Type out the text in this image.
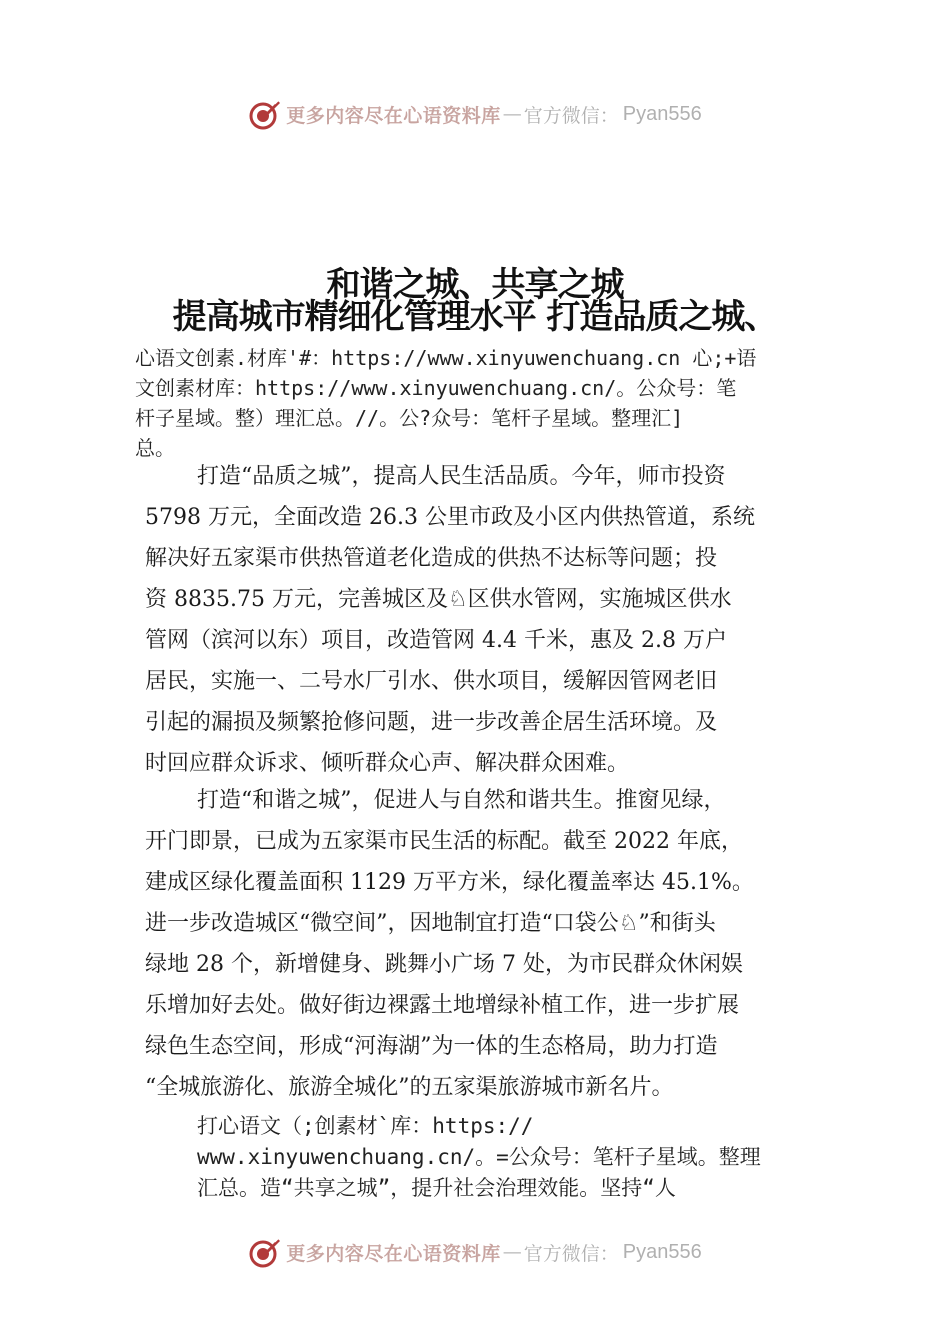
更多内容尽在心语资料库 — 官方微信： Pyan556
和谐之城、共享之城
提高城市精细化管理水平 打造品质之城、

心语文创素.材库'#：https://www.xinyuwenchuang.cn 心;+语

文创素材库：https://www.xinyuwenchuang.cn/。公众号：笔

杆子星域。整）理汇总。//。公?众号：笔杆子星域。整理汇]

总。

打造“品质之城”，提高人民生活品质。今年，师市投资
5798 万元，全面改造 26.3 公里市政及小区内供热管道，系统
解决好五家渠市供热管道老化造成的供热不达标等问题；投
资 8835.75 万元，完善城区及♘区供水管网，实施城区供水
管网（滨河以东）项目，改造管网 4.4 千米，惠及 2.8 万户
居民，实施一、二号水厂引水、供水项目，缓解因管网老旧
引起的漏损及频繁抢修问题，进一步改善企居生活环境。及
时回应群众诉求、倾听群众心声、解决群众困难。
打造“和谐之城”，促进人与自然和谐共生。推窗见绿，
开门即景，已成为五家渠市民生活的标配。截至 2022 年底，
建成区绿化覆盖面积 1129 万平方米，绿化覆盖率达 45.1%。
进一步改造城区“微空间”，因地制宜打造“口袋公♘”和街头
绿地 28 个，新增健身、跳舞小广场 7 处，为市民群众休闲娱
乐增加好去处。做好街边裸露土地增绿补植工作，进一步扩展
绿色生态空间，形成“河海湖”为一体的生态格局，助力打造
“全城旅游化、旅游全城化”的五家渠旅游城市新名片。

打心语文（;创素材`库：https://

www.xinyuwenchuang.cn/。=公众号：笔杆子星域。整理

汇总。造“共享之城”，提升社会治理效能。坚持“人

更多内容尽在心语资料库 — 官方微信： Pyan556
